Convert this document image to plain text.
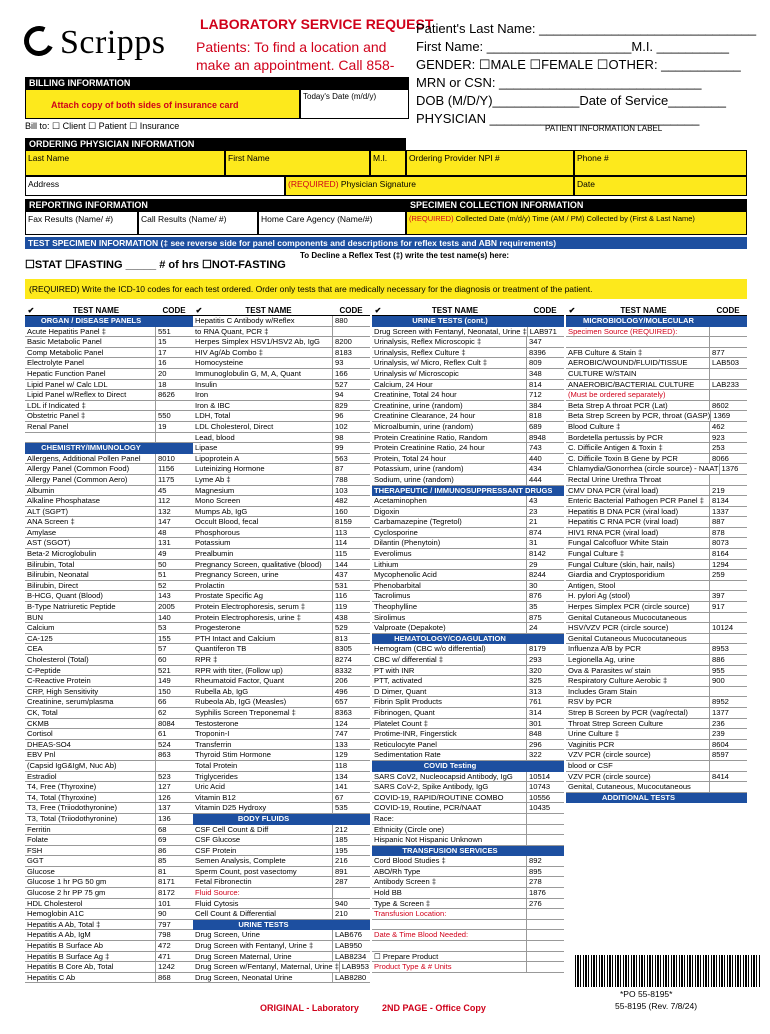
Scripps LABORATORY SERVICE REQUEST
Patients: To find a location and make an appointment. Call 858-
Patient's Last Name: ______________________________
First Name: ____________________M.I. __________
GENDER: ☐MALE ☐FEMALE ☐OTHER: ___________
MRN or CSN: ____________________________
DOB (M/D/Y)____________Date of Service________
PHYSICIAN _____________________________
PATIENT INFORMATION LABEL
BILLING INFORMATION
Attach copy of both sides of insurance card
Today's Date (m/d/y)
Bill to: ☐ Client ☐ Patient ☐ Insurance
ORDERING PHYSICIAN INFORMATION
Last Name	First Name	M.I.	Ordering Provider NPI #	Phone #
Address	(REQUIRED) Physician Signature	Date
REPORTING INFORMATION	SPECIMEN COLLECTION INFORMATION
Fax Results (Name/ #)	Call Results (Name/ #)	Home Care Agency (Name/#)	(REQUIRED) Collected Date (m/d/y) Time (AM / PM) Collected by (First & Last Name)
TEST SPECIMEN INFORMATION (‡ see reverse side for panel components and descriptions for reflex tests and ABN requirements)
To Decline a Reflex Test (‡) write the test name(s) here:
☐STAT ☐FASTING _____ # of hrs ☐NOT-FASTING
(REQUIRED) Write the ICD-10 codes for each test ordered. Order only tests that are medically necessary for the diagnosis or treatment of the patient.
✔	TEST NAME	CODE
ORGAN / DISEASE PANELS
Acute Hepatitis Panel ‡	551
Basic Metabolic Panel	15
Comp Metabolic Panel	17
Electrolyte Panel	16
Hepatic Function Panel	20
Lipid Panel w/ Calc LDL	18
Lipid Panel w/Reflex to Direct	8626
LDL if Indicated ‡
Obstetric Panel ‡	550
Renal Panel	19
CHEMISTRY/IMMUNOLOGY
Allergens, Additional Pollen Panel	8010
Allergy Panel (Common Food)	1156
Allergy Panel (Common Aero)	1175
Albumin	45
Alkaline Phosphatase	112
ALT (SGPT)	132
ANA Screen ‡	147
Amylase	48
AST (SGOT)	131
Beta-2 Microglobulin	49
Bilirubin, Total	50
Bilirubin, Neonatal	51
Bilirubin, Direct	52
B-HCG, Quant (Blood)	143
B-Type Natriuretic Peptide	2005
BUN	140
Calcium	53
CA-125	155
CEA	57
Cholesterol (Total)	60
C-Peptide	521
C-Reactive Protein	149
CRP, High Sensitivity	150
Creatinine, serum/plasma	66
CK, Total	62
CKMB	8084
Cortisol	61
DHEAS-SO4	524
EBV Pnl	863
(Capsid IgG&IgM, Nuc Ab)
Estradiol	523
T4, Free (Thyroxine)	127
T4, Total (Thyroxine)	126
T3, Free (Triiodothyronine)	137
T3, Total (Triiodothyronine)	136
Ferritin	68
Folate	69
FSH	86
GGT	85
Glucose	81
Glucose 1 hr PG 50 gm	8171
Glucose 2 hr PP 75 gm	8172
HDL Cholesterol	101
Hemoglobin A1C	90
Hepatitis A Ab, Total ‡	797
Hepatitis A Ab, IgM	798
Hepatitis B Surface Ab	472
Hepatitis B Surface Ag ‡	471
Hepatitis B Core Ab, Total	1242
Hepatitis C Ab	868
✔	TEST NAME	CODE
Hepatitis C Antibody w/Reflex	880
to RNA Quant, PCR ‡
Herpes Simplex HSV1/HSV2 Ab, IgG	8200
HIV Ag/Ab Combo ‡	8183
Homocysteine	93
Immunoglobulin G, M, A, Quant	166
Insulin	527
Iron	94
Iron & IBC	829
LDH, Total	96
LDL Cholesterol, Direct	102
Lead, blood	98
Lipase	99
Lipoprotein A	563
Luteinizing Hormone	87
Lyme Ab ‡	788
Magnesium	103
Mono Screen	482
Mumps Ab, IgG	160
Occult Blood, fecal	8159
Phosphorous	113
Potassium	114
Prealbumin	115
Pregnancy Screen, qualitative (blood)	144
Pregnancy Screen, urine	437
Prolactin	531
Prostate Specific Ag	116
Protein Electrophoresis, serum ‡	119
Protein Electrophoresis, urine ‡	438
Progesterone	529
PTH Intact and Calcium	813
Quantiferon TB	8305
RPR ‡	8274
RPR with titer, (Follow up)	8332
Rheumatoid Factor, Quant	206
Rubella Ab, IgG	496
Rubeola Ab, IgG (Measles)	657
Syphilis Screen Treponemal ‡	8363
Testosterone	124
Troponin-I	747
Transferrin	133
Thyroid Stim Hormone	129
Total Protein	118
Triglycerides	134
Uric Acid	141
Vitamin B12	67
Vitamin D25 Hydroxy	535
BODY FLUIDS
CSF Cell Count & Diff	212
CSF Glucose	185
CSF Protein	195
Semen Analysis, Complete	216
Sperm Count, post vasectomy	891
Fetal Fibronectin	287
Fluid Source:
Fluid Cytosis	940
Cell Count & Differential	210
URINE TESTS
Drug Screen, Urine	LAB676
Drug Screen with Fentanyl, Urine ‡	LAB950
Drug Screen Maternal, Urine	LAB8234
Drug Screen w/Fentanyl, Maternal, Urine ‡ LAB953
Drug Screen, Neonatal Urine	LAB8280
✔	TEST NAME	CODE
URINE TESTS (cont.)
Drug Screen with Fentanyl, Neonatal, Urine ‡ LAB971
Urinalysis, Reflex Microscopic ‡	347
Urinalysis, Reflex Culture ‡	8396
Urinalysis, w/ Micro, Reflex Cult ‡	809
Urinalysis w/ Microscopic	348
Calcium, 24 Hour	814
Creatinine, Total 24 hour	712
Creatinine, urine (random)	384
Creatinine Clearance, 24 hour	818
Microalbumin, urine (random)	689
Protein Creatinine Ratio, Random	8948
Protein Creatinine Ratio, 24 hour	743
Protein, Total 24 hour	440
Potassium, urine (random)	434
Sodium, urine (random)	444
THERAPEUTIC / IMMUNOSUPPRESSANT DRUGS
Acetaminophen	43
Digoxin	23
Carbamazepine (Tegretol)	21
Cyclosporine	874
Dilantin (Phenytoin)	31
Everolimus	8142
Lithium	29
Mycophenolic Acid	8244
Phenobarbital	30
Tacrolimus	876
Theophylline	35
Sirolimus	875
Valproate (Depakote)	24
HEMATOLOGY/COAGULATION
Hemogram (CBC w/o differential)	8179
CBC w/ differential ‡	293
PT with INR	320
PTT, activated	325
D Dimer, Quant	313
Fibrin Split Products	761
Fibrinogen, Quant	314
Platelet Count ‡	301
Protime-INR, Fingerstick	848
Reticulocyte Panel	296
Sedimentation Rate	322
COVID Testing
SARS CoV2, Nucleocapsid Antibody, IgG	10514
SARS CoV-2, Spike Antibody, IgG	10743
COVID-19, RAPID/ROUTINE COMBO	10556
COVID-19, Routine, PCR/NAAT	10435
Race:
Ethnicity (Circle one)
Hispanic Not Hispanic Unknown
TRANSFUSION SERVICES
Cord Blood Studies ‡	892
ABO/Rh Type	895
Antibody Screen ‡	278
Hold BB	1876
Type & Screen ‡	276
Transfusion Location:
Date & Time Blood Needed:
☐ Prepare Product
Product Type & # Units
✔	TEST NAME	CODE
MICROBIOLOGY/MOLECULAR
Specimen Source (REQUIRED):
AFB Culture & Stain ‡	877
AEROBIC/WOUND/FLUID/TISSUE	LAB503
CULTURE W/STAIN
ANAEROBIC/BACTERIAL CULTURE	LAB233
(Must be ordered separately)
Beta Strep A throat PCR (Lat)	8602
Beta Strep Screen by PCR, throat (GASP) 1369
Blood Culture ‡	462
Bordetella pertussis by PCR	923
C. Difficile Antigen & Toxin ‡	253
C. Difficile Toxin B Gene by PCR	8066
Chlamydia/Gonorrhea (circle source) - NAAT 1376
Rectal Urine Urethra Throat
CMV DNA PCR (viral load)	219
Enteric Bacterial Pathogen PCR Panel ‡	8134
Hepatitis B DNA PCR (viral load)	1337
Hepatitis C RNA PCR (viral load)	887
HIV1 RNA PCR (viral load)	878
Fungal Calcofluor White Stain	8073
Fungal Culture ‡	8164
Fungal Culture (skin, hair, nails)	1294
Giardia and Cryptosporidium	259
Antigen, Stool
H. pylori Ag (stool)	397
Herpes Simplex PCR (circle source)	917
Genital Cutaneous Mucocutaneous
HSV/VZV PCR (circle source)	10124
Genital Cutaneous Mucocutaneous
Influenza A/B by PCR	8953
Legionella Ag, urine	886
Ova & Parasites w/ stain	955
Respiratory Culture Aerobic ‡	900
Includes Gram Stain
RSV by PCR	8952
Strep B Screen by PCR (vag/rectal)	1377
Throat Strep Screen Culture	236
Urine Culture ‡	239
Vaginitis PCR	8604
VZV PCR (circle source)	8597
blood or CSF
VZV PCR (circle source)	8414
Genital, Cutaneous, Mucocutaneous
ADDITIONAL TESTS
*PO 55-8195*
55-8195 (Rev. 7/8/24)
ORIGINAL - Laboratory	2ND PAGE - Office Copy
